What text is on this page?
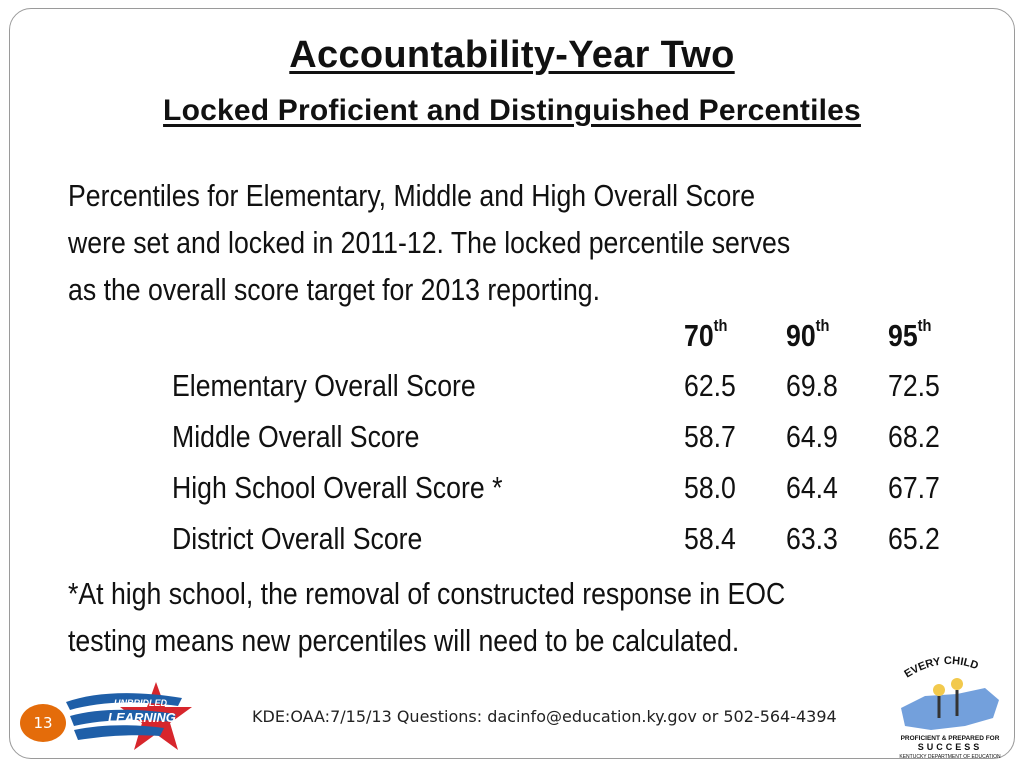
Accountability-Year Two
Locked Proficient and Distinguished Percentiles
Percentiles for Elementary, Middle and High Overall Score
were set and locked in 2011-12. The locked percentile serves
as the overall score target for 2013 reporting.
70th 90th 95th
Elementary Overall Score	62.5 69.8 72.5
Middle Overall Score	58.7 64.9 68.2
High School Overall Score *	58.0 64.4 67.7
District Overall Score	58.4 63.3 65.2
*At high school, the removal of constructed response in EOC
testing means new percentiles will need to be calculated.
13
UNBRIDLED
LEARNING	KDE:OAA:7/15/13 Questions: dacinfo@education.ky.gov or 502-564-4394
EVERY CHILD
PROFICIENT & PREPARED FOR
SUCCESS
KENTUCKY DEPARTMENT OF EDUCATION
